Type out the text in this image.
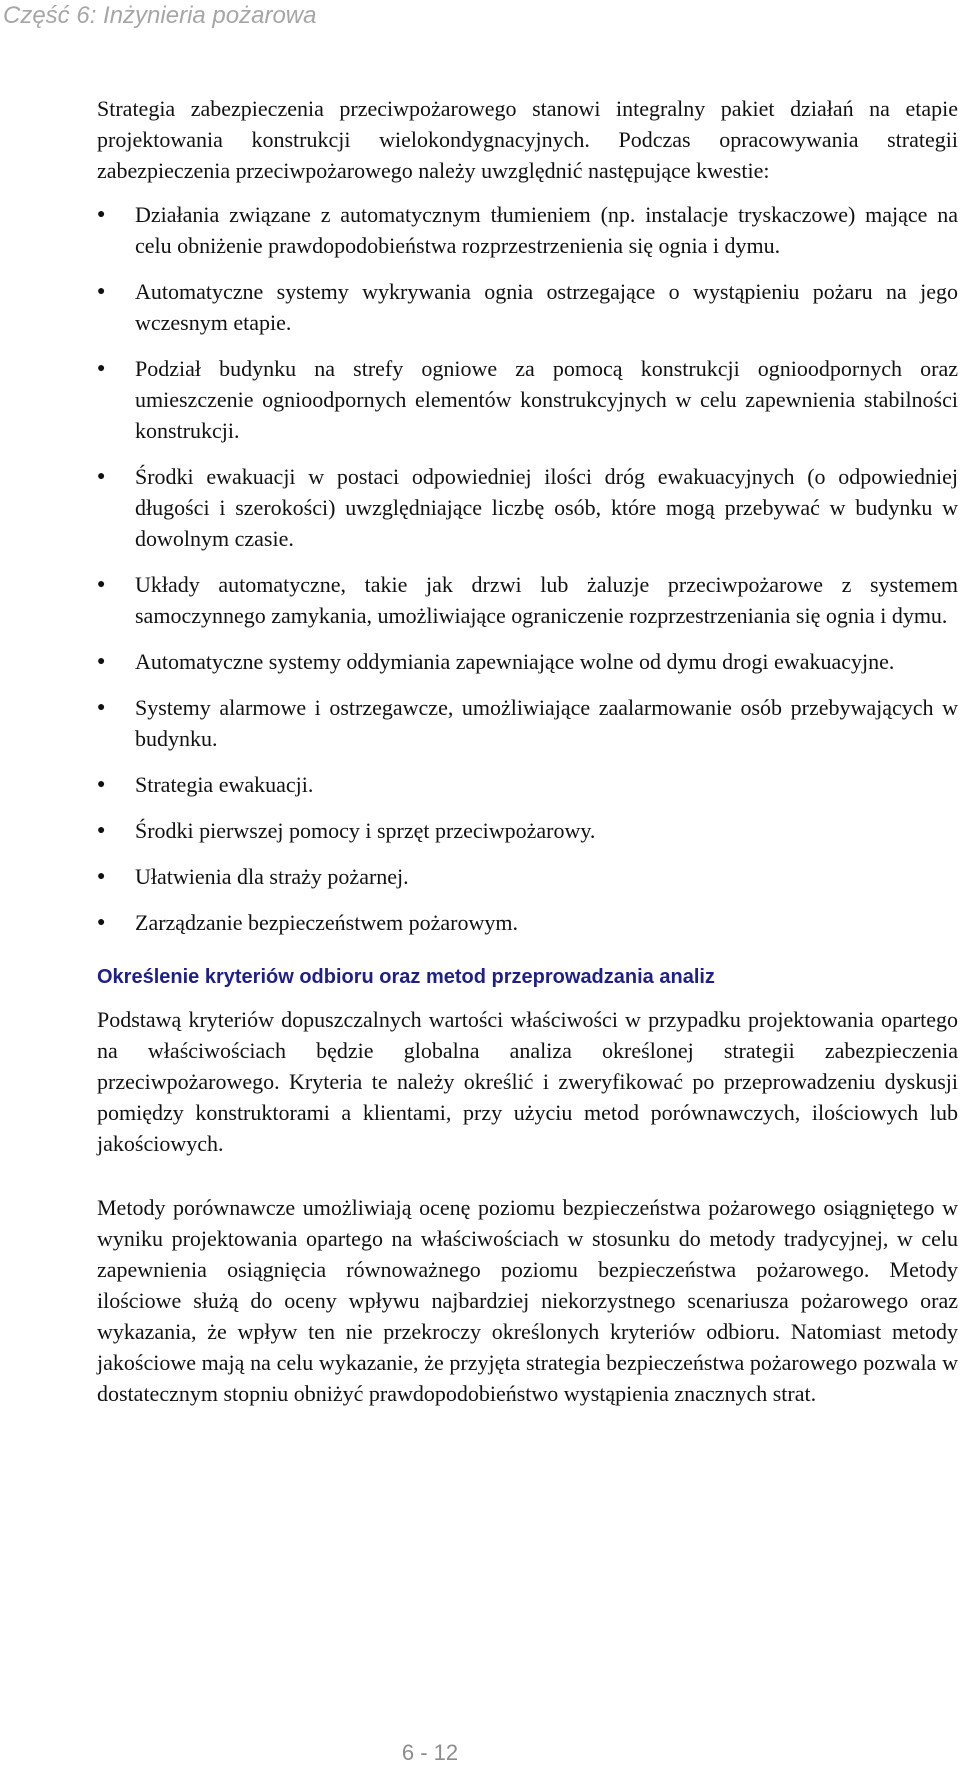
Część 6: Inżynieria pożarowa

Strategia zabezpieczenia przeciwpożarowego stanowi integralny pakiet działań na etapie projektowania konstrukcji wielokondygnacyjnych. Podczas opracowywania strategii zabezpieczenia przeciwpożarowego należy uwzględnić następujące kwestie:

●	Działania związane z automatycznym tłumieniem (np. instalacje tryskaczowe) mające na celu obniżenie prawdopodobieństwa rozprzestrzenienia się ognia i dymu.
●	Automatyczne systemy wykrywania ognia ostrzegające o wystąpieniu pożaru na jego wczesnym etapie.
●	Podział budynku na strefy ogniowe za pomocą konstrukcji ognioodpornych oraz umieszczenie ognioodpornych elementów konstrukcyjnych w celu zapewnienia stabilności konstrukcji.
●	Środki ewakuacji w postaci odpowiedniej ilości dróg ewakuacyjnych (o odpowiedniej długości i szerokości) uwzględniające liczbę osób, które mogą przebywać w budynku w dowolnym czasie.
●	Układy automatyczne, takie jak drzwi lub żaluzje przeciwpożarowe z systemem samoczynnego zamykania, umożliwiające ograniczenie rozprzestrzeniania się ognia i dymu.
●	Automatyczne systemy oddymiania zapewniające wolne od dymu drogi ewakuacyjne.
●	Systemy alarmowe i ostrzegawcze, umożliwiające zaalarmowanie osób przebywających w budynku.
●	Strategia ewakuacji.
●	Środki pierwszej pomocy i sprzęt przeciwpożarowy.
●	Ułatwienia dla straży pożarnej.
●	Zarządzanie bezpieczeństwem pożarowym.
Określenie kryteriów odbioru oraz metod przeprowadzania analiz

Podstawą kryteriów dopuszczalnych wartości właściwości w przypadku projektowania opartego na właściwościach będzie globalna analiza określonej strategii zabezpieczenia przeciwpożarowego. Kryteria te należy określić i zweryfikować po przeprowadzeniu dyskusji pomiędzy konstruktorami a klientami, przy użyciu metod porównawczych, ilościowych lub jakościowych.

Metody porównawcze umożliwiają ocenę poziomu bezpieczeństwa pożarowego osiągniętego w wyniku projektowania opartego na właściwościach w stosunku do metody tradycyjnej, w celu zapewnienia osiągnięcia równoważnego poziomu bezpieczeństwa pożarowego. Metody ilościowe służą do oceny wpływu najbardziej niekorzystnego scenariusza pożarowego oraz wykazania, że wpływ ten nie przekroczy określonych kryteriów odbioru. Natomiast metody jakościowe mają na celu wykazanie, że przyjęta strategia bezpieczeństwa pożarowego pozwala w dostatecznym stopniu obniżyć prawdopodobieństwo wystąpienia znacznych strat.

6 - 12
